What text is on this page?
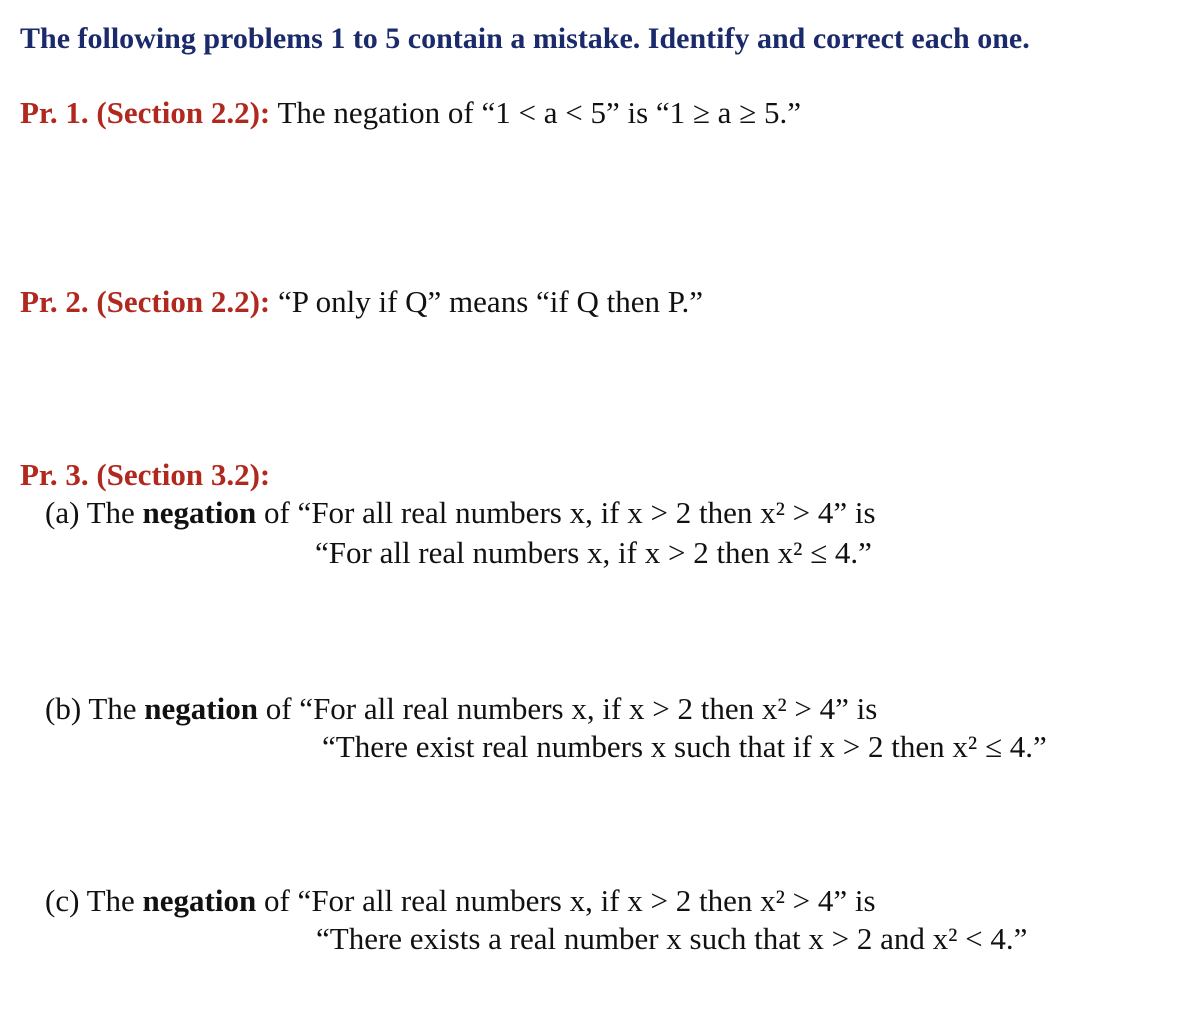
The following problems 1 to 5 contain a mistake. Identify and correct each one.
Pr. 1. (Section 2.2): The negation of “1 < a < 5” is “1 ≥ a ≥ 5.”
Pr. 2. (Section 2.2): “P only if Q” means “if Q then P.”
Pr. 3. (Section 3.2):
(a) The negation of “For all real numbers x, if x > 2 then x² > 4” is
“For all real numbers x, if x > 2 then x² ≤ 4.”
(b) The negation of “For all real numbers x, if x > 2 then x² > 4” is
“There exist real numbers x such that if x > 2 then x² ≤ 4.”
(c) The negation of “For all real numbers x, if x > 2 then x² > 4” is
“There exists a real number x such that x > 2 and x² < 4.”
